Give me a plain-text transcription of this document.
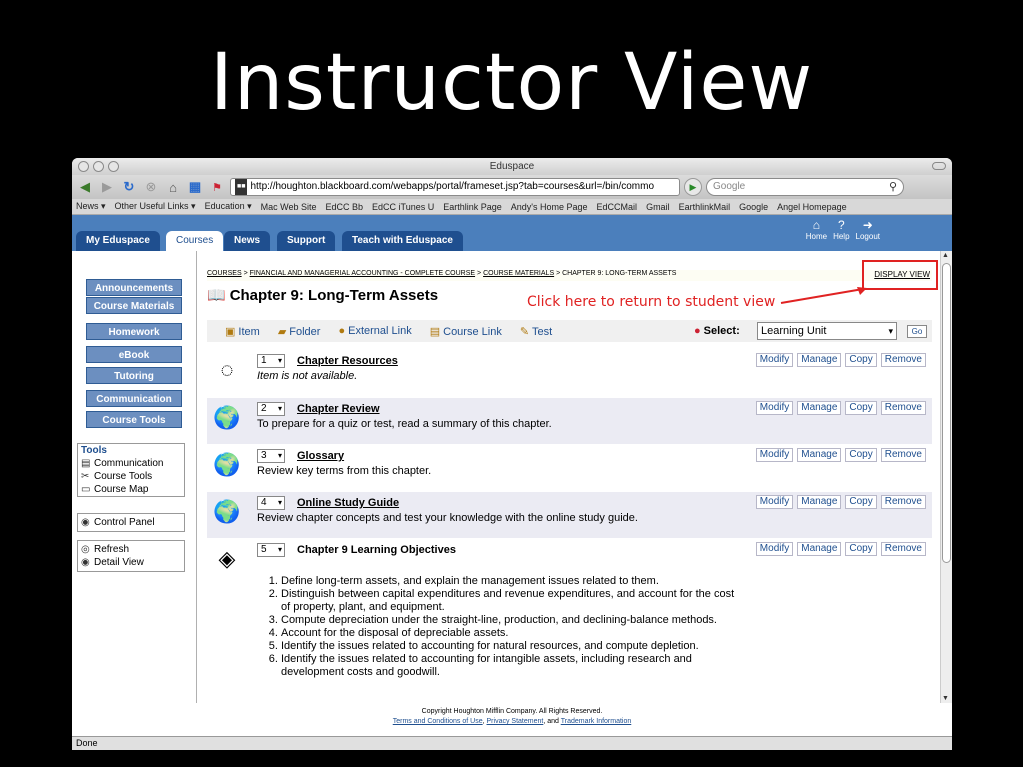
Instructor View
Eduspace
◀ ▶ ↻ ⊗ ⌂ ▦ ⚑	■■ http://houghton.blackboard.com/webapps/portal/frameset.jsp?tab=courses&url=/bin/commo	▶	Google	⚲
News ▾ Other Useful Links ▾ Education ▾ Mac Web Site EdCC Bb EdCC iTunes U Earthlink Page Andy's Home Page EdCCMail Gmail EarthlinkMail Google Angel Homepage
My Eduspace	Courses	News	Support	Teach with Eduspace
⌂
Home
?
Help
➜
Logout
Announcements
Course Materials
Homework
eBook
Tutoring
Communication
Course Tools
Tools
▤ Communication
✂ Course Tools
▭ Course Map
◉ Control Panel
◎ Refresh
◉ Detail View
COURSES > FINANCIAL AND MANAGERIAL ACCOUNTING - COMPLETE COURSE > COURSE MATERIALS > CHAPTER 9: LONG-TERM ASSETS	DISPLAY VIEW
📖 Chapter 9: Long-Term Assets	Click here to return to student view
▣ Item ▰ Folder ● External Link ▤ Course Link ✎ Test	● Select:	Learning Unit	▾	Go
◌	1 ▾ Chapter Resources
Item is not available.
Modify	Manage	Copy	Remove
🌍	2 ▾ Chapter Review
To prepare for a quiz or test, read a summary of this chapter.
Modify	Manage	Copy	Remove
🌍	3 ▾ Glossary
Review key terms from this chapter.
Modify	Manage	Copy	Remove
🌍	4 ▾ Online Study Guide
Review chapter concepts and test your knowledge with the online study guide.
Modify	Manage	Copy	Remove
◈	5 ▾ Chapter 9 Learning Objectives	Modify	Manage	Copy	Remove
1. Define long-term assets, and explain the management issues related to them.
2. Distinguish between capital expenditures and revenue expenditures, and account for the cost of property, plant, and equipment.
3. Compute depreciation under the straight-line, production, and declining-balance methods.
4. Account for the disposal of depreciable assets.
5. Identify the issues related to accounting for natural resources, and compute depletion.
6. Identify the issues related to accounting for intangible assets, including research and development costs and goodwill.
▲
▼
Copyright Houghton Mifflin Company. All Rights Reserved.
Terms and Conditions of Use, Privacy Statement, and Trademark Information
Done
